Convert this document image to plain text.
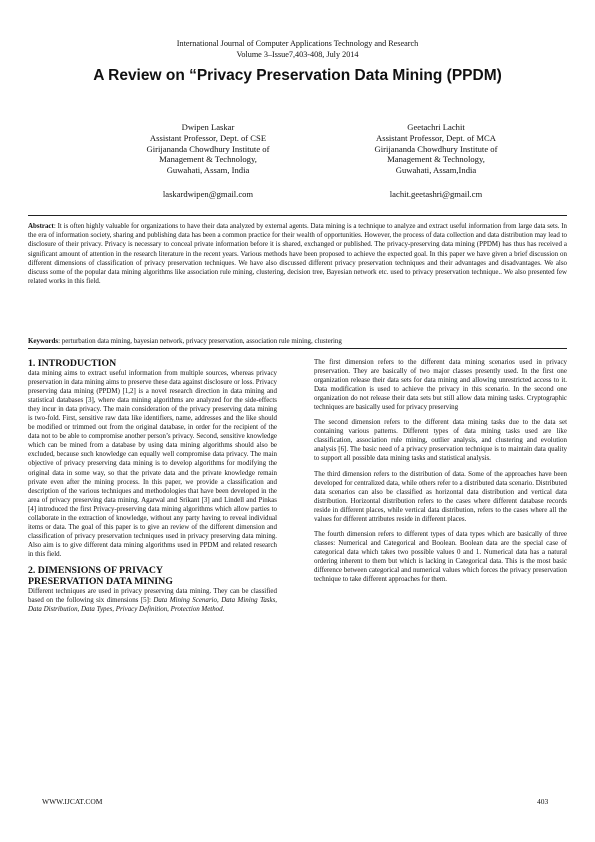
International Journal of Computer Applications Technology and Research
Volume 3–Issue7,403-408, July 2014
A Review on “Privacy Preservation Data Mining (PPDM)
Dwipen Laskar
Assistant Professor, Dept. of CSE
Girijananda Chowdhury Institute of
Management & Technology,
Guwahati, Assam, India
laskardwipen@gmail.com
Geetachri Lachit
Assistant Professor, Dept. of MCA
Girijananda Chowdhury Institute of
Management & Technology,
Guwahati, Assam,India
lachit.geetashri@gmail.cm
Abstract: It is often highly valuable for organizations to have their data analyzed by external agents. Data mining is a technique to analyze and extract useful information from large data sets. In the era of information society, sharing and publishing data has been a common practice for their wealth of opportunities. However, the process of data collection and data distribution may lead to disclosure of their privacy. Privacy is necessary to conceal private information before it is shared, exchanged or published. The privacy-preserving data mining (PPDM) has thus has received a significant amount of attention in the research literature in the recent years. Various methods have been proposed to achieve the expected goal. In this paper we have given a brief discussion on different dimensions of classification of privacy preservation techniques. We have also discussed different privacy preservation techniques and their advantages and disadvantages. We also discuss some of the popular data mining algorithms like association rule mining, clustering, decision tree, Bayesian network etc. used to privacy preservation technique.. We also presented few related works in this field.
Keywords: perturbation data mining, bayesian network, privacy preservation, association rule mining, clustering
1. INTRODUCTION

data mining aims to extract useful information from multiple sources, whereas privacy preservation in data mining aims to preserve these data against disclosure or loss. Privacy preserving data mining (PPDM) [1,2] is a novel research direction in data mining and statistical databases [3], where data mining algorithms are analyzed for the side-effects they incur in data privacy. The main consideration of the privacy preserving data mining is two-fold. First, sensitive raw data like identifiers, name, addresses and the like should be modified or trimmed out from the original database, in order for the recipient of the data not to be able to compromise another person’s privacy. Second, sensitive knowledge which can be mined from a database by using data mining algorithms should also be excluded, because such knowledge can equally well compromise data privacy. The main objective of privacy preserving data mining is to develop algorithms for modifying the original data in some way, so that the private data and the private knowledge remain private even after the mining process. In this paper, we provide a classification and description of the various techniques and methodologies that have been developed in the area of privacy preserving data mining. Agarwal and Srikant [3] and Lindell and Pinkas [4] introduced the first Privacy-preserving data mining algorithms which allow parties to collaborate in the extraction of knowledge, without any party having to reveal individual items or data. The goal of this paper is to give an review of the different dimension and classification of privacy preservation techniques used in privacy preserving data mining. Also aim is to give different data mining algorithms used in PPDM and related research in this field.

2. DIMENSIONS OF PRIVACY
PRESERVATION DATA MINING

Different techniques are used in privacy preserving data mining. They can be classified based on the following six dimensions [5]: Data Mining Scenario, Data Mining Tasks, Data Distribution, Data Types, Privacy Definition, Protection Method.

The first dimension refers to the different data mining scenarios used in privacy preservation. They are basically of two major classes presently used. In the first one organization release their data sets for data mining and allowing unrestricted access to it. Data modification is used to achieve the privacy in this scenario. In the second one organization do not release their data sets but still allow data mining tasks. Cryptographic techniques are basically used for privacy preserving

The second dimension refers to the different data mining tasks due to the data set containing various patterns. Different types of data mining tasks used are like classification, association rule mining, outlier analysis, and clustering and evolution analysis [6]. The basic need of a privacy preservation technique is to maintain data quality to support all possible data mining tasks and statistical analysis.

The third dimension refers to the distribution of data. Some of the approaches have been developed for centralized data, while others refer to a distributed data scenario. Distributed data scenarios can also be classified as horizontal data distribution and vertical data distribution. Horizontal distribution refers to the cases where different database records reside in different places, while vertical data distribution, refers to the cases where all the values for different attributes reside in different places.

The fourth dimension refers to different types of data types which are basically of three classes: Numerical and Categorical and Boolean. Boolean data are the special case of categorical data which takes two possible values 0 and 1. Numerical data has a natural ordering inherent to them but which is lacking in Categorical data. This is the most basic difference between categorical and numerical values which forces the privacy preservation technique to take different approaches for them.

WWW.IJCAT.COM	403
